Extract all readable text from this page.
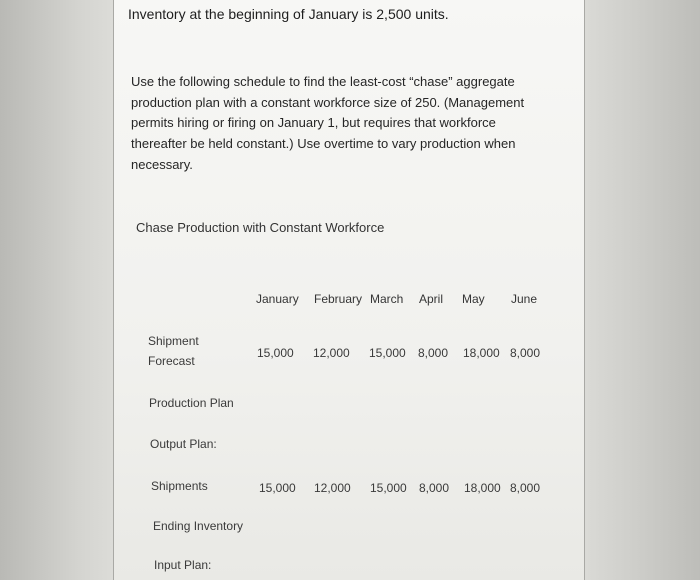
Inventory at the beginning of January is 2,500 units.
Use the following schedule to find the least-cost “chase” aggregate
production plan with a constant workforce size of 250. (Management
permits hiring or firing on January 1, but requires that workforce
thereafter be held constant.) Use overtime to vary production when
necessary.
Chase Production with Constant Workforce
January February March April May June
Shipment
Forecast
15,000 12,000 15,000 8,000 18,000 8,000
Production Plan
Output Plan:
Shipments	15,000 12,000 15,000 8,000 18,000 8,000
Ending Inventory
Input Plan:
